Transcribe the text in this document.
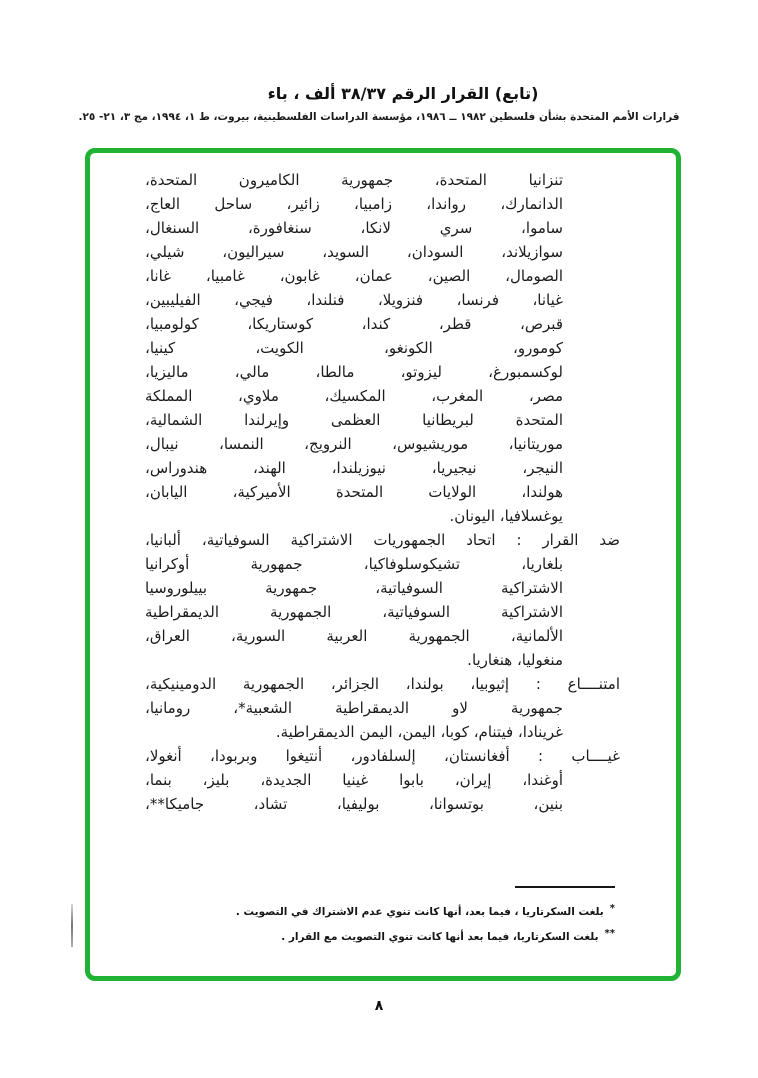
(تابع) القرار الرقم ٣٨/٣٧ ألف ، باء
قرارات الأمم المتحدة بشأن فلسطين ١٩٨٢ ــ ١٩٨٦، مؤسسة الدراسات الفلسطينية، بيروت، ط ١، ١٩٩٤، مج ٣، ٢١- ٢٥.
تنزانيا المتحدة، جمهورية الكاميرون المتحدة،
الدانمارك، رواندا، زامبيا، زائير، ساحل العاج،
ساموا، سري لانكا، سنغافورة، السنغال،
سوازيلاند، السودان، السويد، سيراليون، شيلي،
الصومال، الصين، عمان، غابون، غامبيا، غانا،
غيانا، فرنسا، فنزويلا، فنلندا، فيجي، الفيليبين،
قبرص، قطر، كندا، كوستاريكا، كولومبيا،
كومورو، الكونغو، الكويت، كينيا،
لوكسمبورغ، ليزوتو، مالطا، مالي، ماليزيا،
مصر، المغرب، المكسيك، ملاوي، المملكة
المتحدة لبريطانيا العظمى وإيرلندا الشمالية،
موريتانيا، موريشيوس، النرويج، النمسا، نيبال،
النيجر، نيجيريا، نيوزيلندا، الهند، هندوراس،
هولندا، الولايات المتحدة الأميركية، اليابان،
يوغسلافيا، اليونان.
ضد القرار : اتحاد الجمهوريات الاشتراكية السوفياتية، ألبانيا،
بلغاريا، تشيكوسلوفاكيا، جمهورية أوكرانيا
الاشتراكية السوفياتية، جمهورية بييلوروسيا
الاشتراكية السوفياتية، الجمهورية الديمقراطية
الألمانية، الجمهورية العربية السورية، العراق،
منغوليا، هنغاريا.
امتنــــاع : إثيوبيا، بولندا، الجزائر، الجمهورية الدومينيكية،
جمهورية لاو الديمقراطية الشعبية*، رومانيا،
غرينادا، فيتنام، كوبا، اليمن، اليمن الديمقراطية.
غيــــاب : أفغانستان، إلسلفادور، أنتيغوا وبربودا، أنغولا،
أوغندا، إيران، بابوا غينيا الجديدة، بليز، بنما،
بنين، بوتسوانا، بوليفيا، تشاد، جاميكا**،
*بلغت السكرتاريا ، فيما بعد، أنها كانت تنوي عدم الاشتراك في التصويت .
**بلغت السكرتاريا، فيما بعد أنها كانت تنوي التصويت مع القرار .
٨
